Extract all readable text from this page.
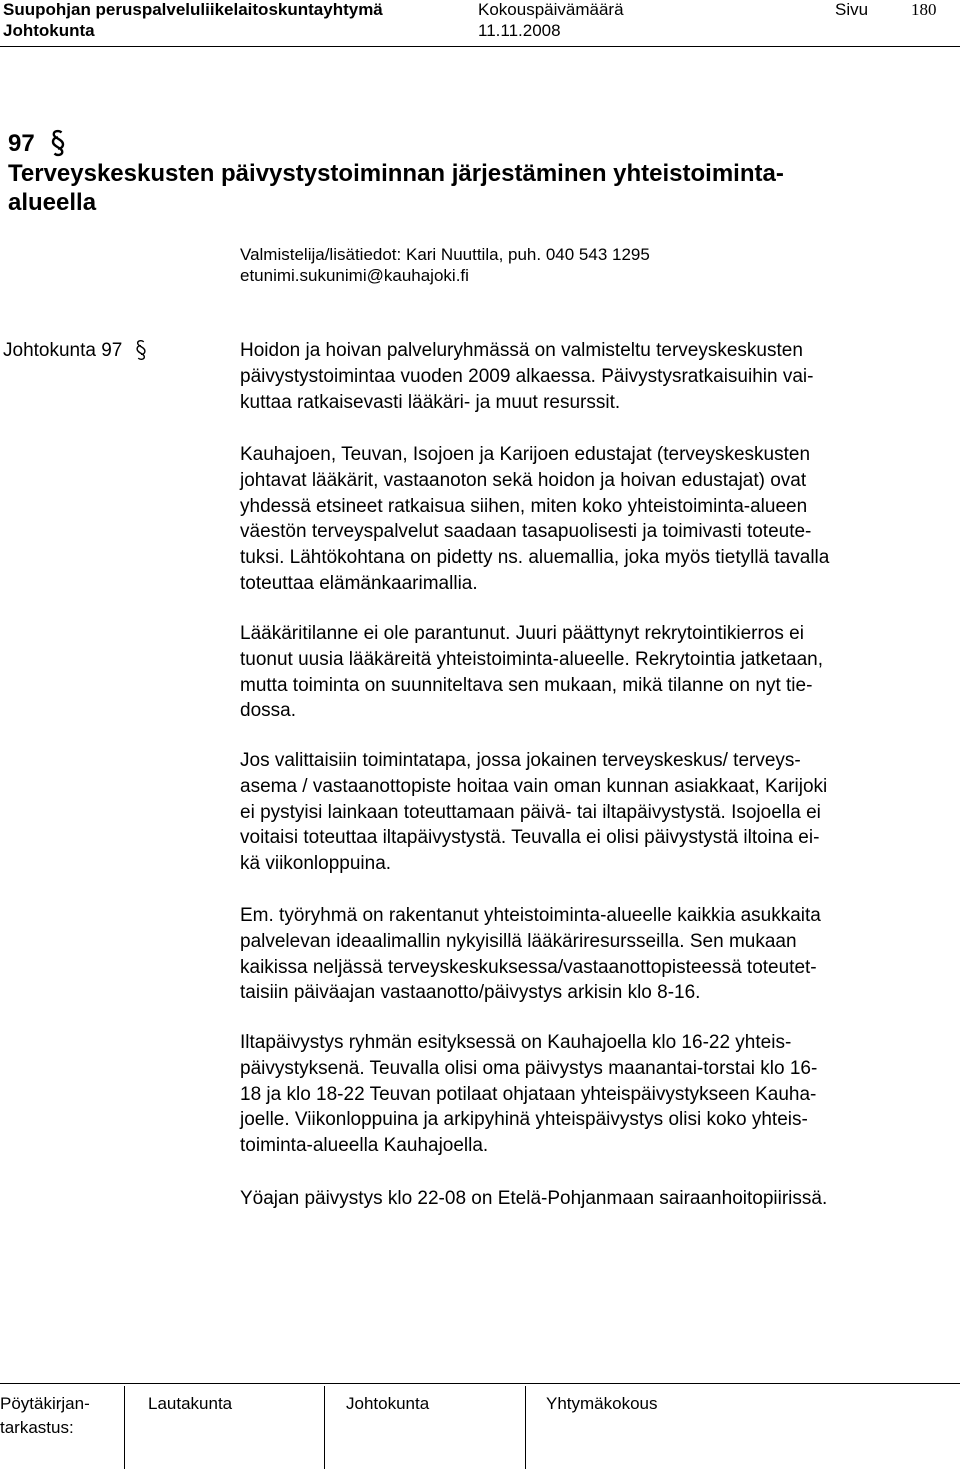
Suupohjan peruspalveluliikelaitoskuntayhtymä	Kokouspäivämäärä	Sivu	180
Johtokunta	11.11.2008
97
Terveyskeskusten päivystystoiminnan järjestäminen yhteistoiminta-
alueella
Valmistelija/lisätiedot: Kari Nuuttila, puh. 040 543 1295
etunimi.sukunimi@kauhajoki.fi
Johtokunta 97	Hoidon ja hoivan palveluryhmässä on valmisteltu terveyskeskusten
päivystystoimintaa vuoden 2009 alkaessa. Päivystysratkaisuihin vai-
kuttaa ratkaisevasti lääkäri- ja muut resurssit.
Kauhajoen, Teuvan, Isojoen ja Karijoen edustajat (terveyskeskusten
johtavat lääkärit, vastaanoton sekä hoidon ja hoivan edustajat) ovat
yhdessä etsineet ratkaisua siihen, miten koko yhteistoiminta-alueen
väestön terveyspalvelut saadaan tasapuolisesti ja toimivasti toteute-
tuksi. Lähtökohtana on pidetty ns. aluemallia, joka myös tietyllä tavalla
toteuttaa elämänkaarimallia.
Lääkäritilanne ei ole parantunut. Juuri päättynyt rekrytointikierros ei
tuonut uusia lääkäreitä yhteistoiminta-alueelle. Rekrytointia jatketaan,
mutta toiminta on suunniteltava sen mukaan, mikä tilanne on nyt tie-
dossa.
Jos valittaisiin toimintatapa, jossa jokainen terveyskeskus/ terveys-
asema / vastaanottopiste hoitaa vain oman kunnan asiakkaat, Karijoki
ei pystyisi lainkaan toteuttamaan päivä- tai iltapäivystystä. Isojoella ei
voitaisi toteuttaa iltapäivystystä. Teuvalla ei olisi päivystystä iltoina ei-
kä viikonloppuina.
Em. työryhmä on rakentanut yhteistoiminta-alueelle kaikkia asukkaita
palvelevan ideaalimallin nykyisillä lääkäriresursseilla. Sen mukaan
kaikissa neljässä terveyskeskuksessa/vastaanottopisteessä toteutet-
taisiin päiväajan vastaanotto/päivystys arkisin klo 8-16.
Iltapäivystys ryhmän esityksessä on Kauhajoella klo 16-22 yhteis-
päivystyksenä. Teuvalla olisi oma päivystys maanantai-torstai klo 16-
18 ja klo 18-22 Teuvan potilaat ohjataan yhteispäivystykseen Kauha-
joelle. Viikonloppuina ja arkipyhinä yhteispäivystys olisi koko yhteis-
toiminta-alueella Kauhajoella.
Yöajan päivystys klo 22-08 on Etelä-Pohjanmaan sairaanhoitopiirissä.
Pöytäkirjan-
tarkastus:
Lautakunta	Johtokunta	Yhtymäkokous
